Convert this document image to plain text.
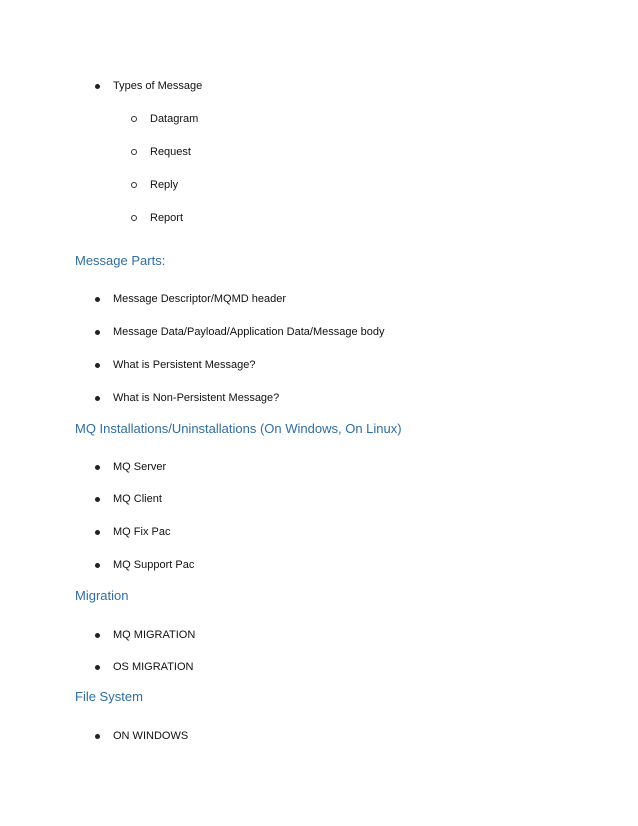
Types of Message
Datagram
Request
Reply
Report
Message Parts:
Message Descriptor/MQMD header
Message Data/Payload/Application Data/Message body
What is Persistent Message?
What is Non-Persistent Message?
MQ Installations/Uninstallations (On Windows, On Linux)
MQ Server
MQ Client
MQ Fix Pac
MQ Support Pac
Migration
MQ MIGRATION
OS MIGRATION
File System
ON WINDOWS
